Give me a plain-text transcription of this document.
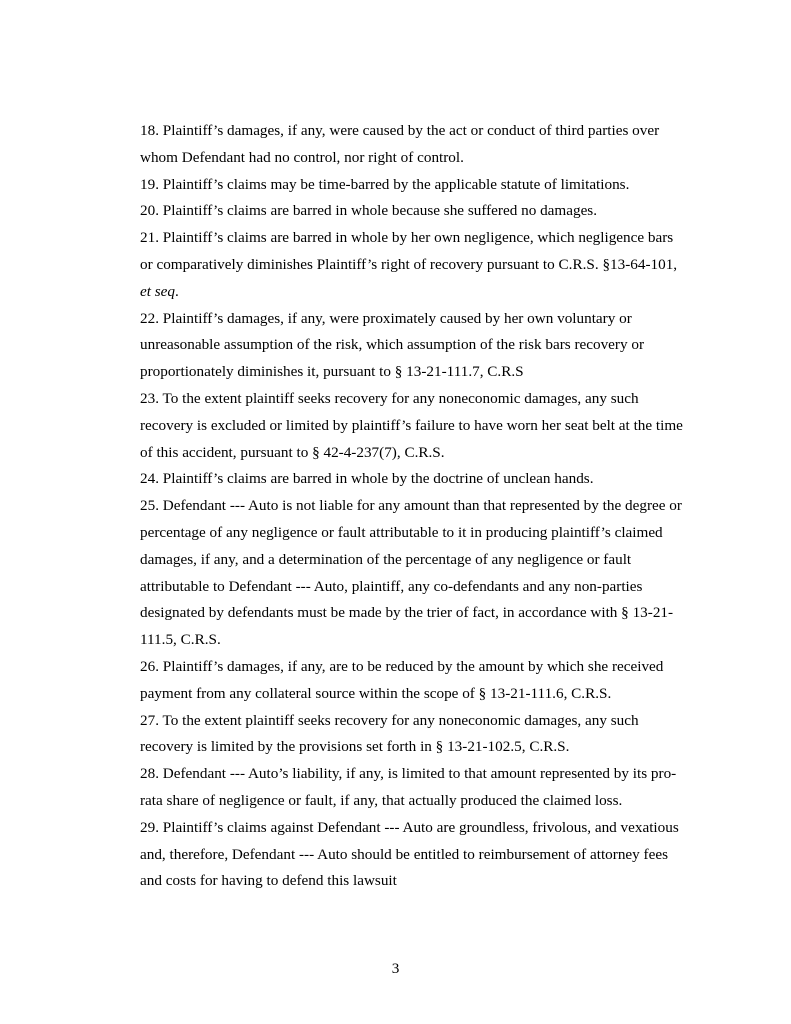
18. Plaintiff’s damages, if any, were caused by the act or conduct of third parties over
whom Defendant had no control, nor right of control.

19. Plaintiff’s claims may be time-barred by the applicable statute of limitations.

20. Plaintiff’s claims are barred in whole because she suffered no damages.

21. Plaintiff’s claims are barred in whole by her own negligence, which negligence bars
or comparatively diminishes Plaintiff’s right of recovery pursuant to C.R.S. §13-64-101,
et seq.

22. Plaintiff’s damages, if any, were proximately caused by her own voluntary or
unreasonable assumption of the risk, which assumption of the risk bars recovery or
proportionately diminishes it, pursuant to § 13-21-111.7, C.R.S

23. To the extent plaintiff seeks recovery for any noneconomic damages, any such
recovery is excluded or limited by plaintiff’s failure to have worn her seat belt at the time
of this accident, pursuant to § 42-4-237(7), C.R.S.

24. Plaintiff’s claims are barred in whole by the doctrine of unclean hands.

25. Defendant --- Auto is not liable for any amount than that represented by the degree or
percentage of any negligence or fault attributable to it in producing plaintiff’s claimed
damages, if any, and a determination of the percentage of any negligence or fault
attributable to Defendant --- Auto, plaintiff, any co-defendants and any non-parties
designated by defendants must be made by the trier of fact, in accordance with § 13-21-
111.5, C.R.S.

26. Plaintiff’s damages, if any, are to be reduced by the amount by which she received
payment from any collateral source within the scope of § 13-21-111.6, C.R.S.

27. To the extent plaintiff seeks recovery for any noneconomic damages, any such
recovery is limited by the provisions set forth in § 13-21-102.5, C.R.S.

28. Defendant --- Auto’s liability, if any, is limited to that amount represented by its pro-
rata share of negligence or fault, if any, that actually produced the claimed loss.

29. Plaintiff’s claims against Defendant --- Auto are groundless, frivolous, and vexatious
and, therefore, Defendant --- Auto should be entitled to reimbursement of attorney fees
and costs for having to defend this lawsuit

3
